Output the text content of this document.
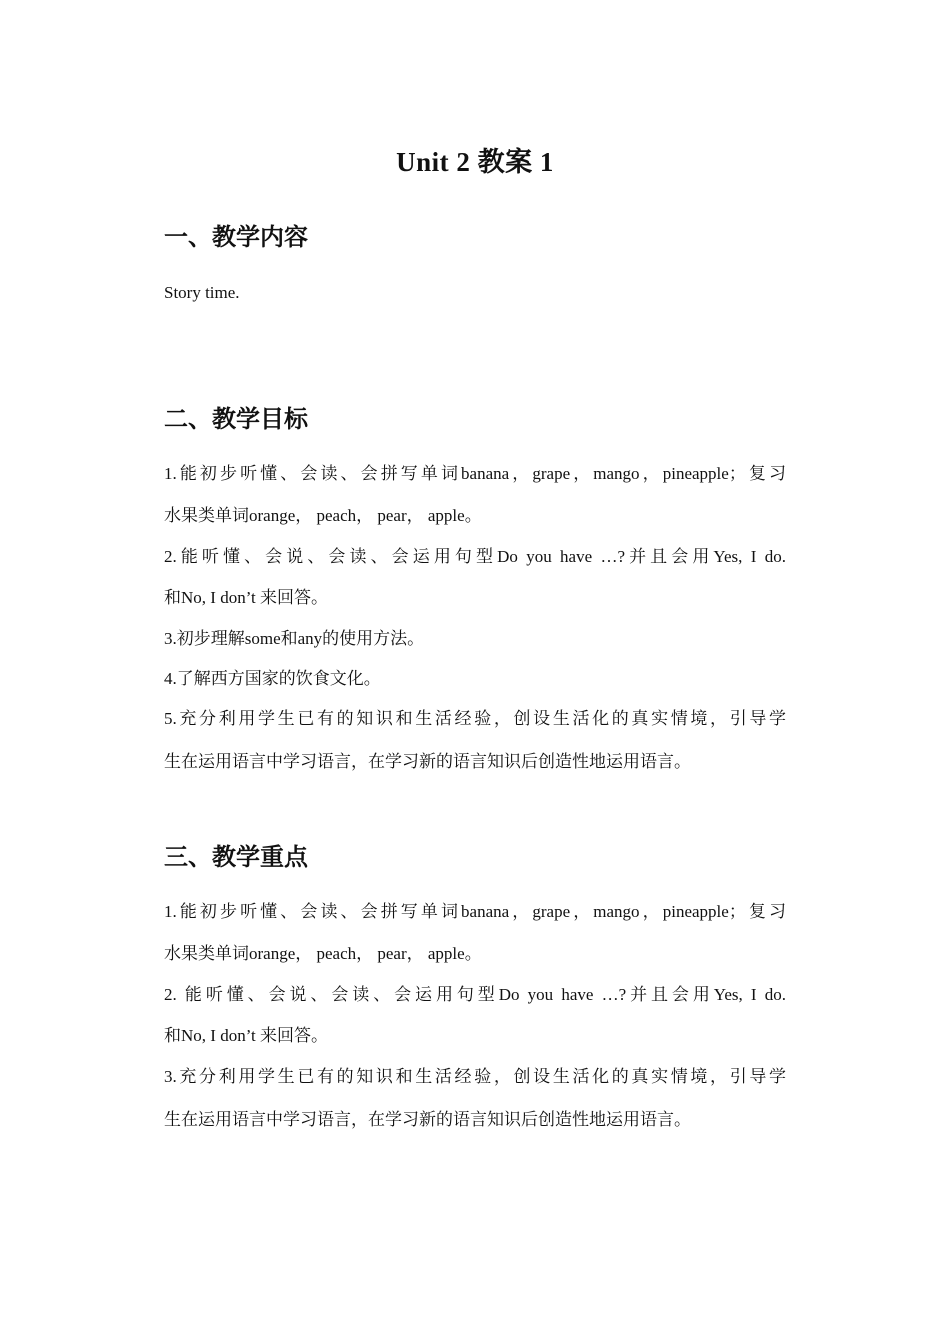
Unit 2 教案 1
一、教学内容
Story time.
二、教学目标
1.能初步听懂、会读、会拼写单词banana，grape，mango，pineapple；复习
水果类单词orange， peach， pear， apple。
2.能听懂、会说、会读、会运用句型Do you have …?并且会用Yes, I do.
和No, I don’t 来回答。
3.初步理解some和any的使用方法。
4.了解西方国家的饮食文化。
5.充分利用学生已有的知识和生活经验，创设生活化的真实情境，引导学
生在运用语言中学习语言，在学习新的语言知识后创造性地运用语言。
三、教学重点
1.能初步听懂、会读、会拼写单词banana，grape，mango，pineapple；复习
水果类单词orange， peach， pear， apple。
2. 能听懂、会说、会读、会运用句型Do you have …?并且会用Yes, I do.
和No, I don’t 来回答。
3.充分利用学生已有的知识和生活经验，创设生活化的真实情境，引导学
生在运用语言中学习语言，在学习新的语言知识后创造性地运用语言。
